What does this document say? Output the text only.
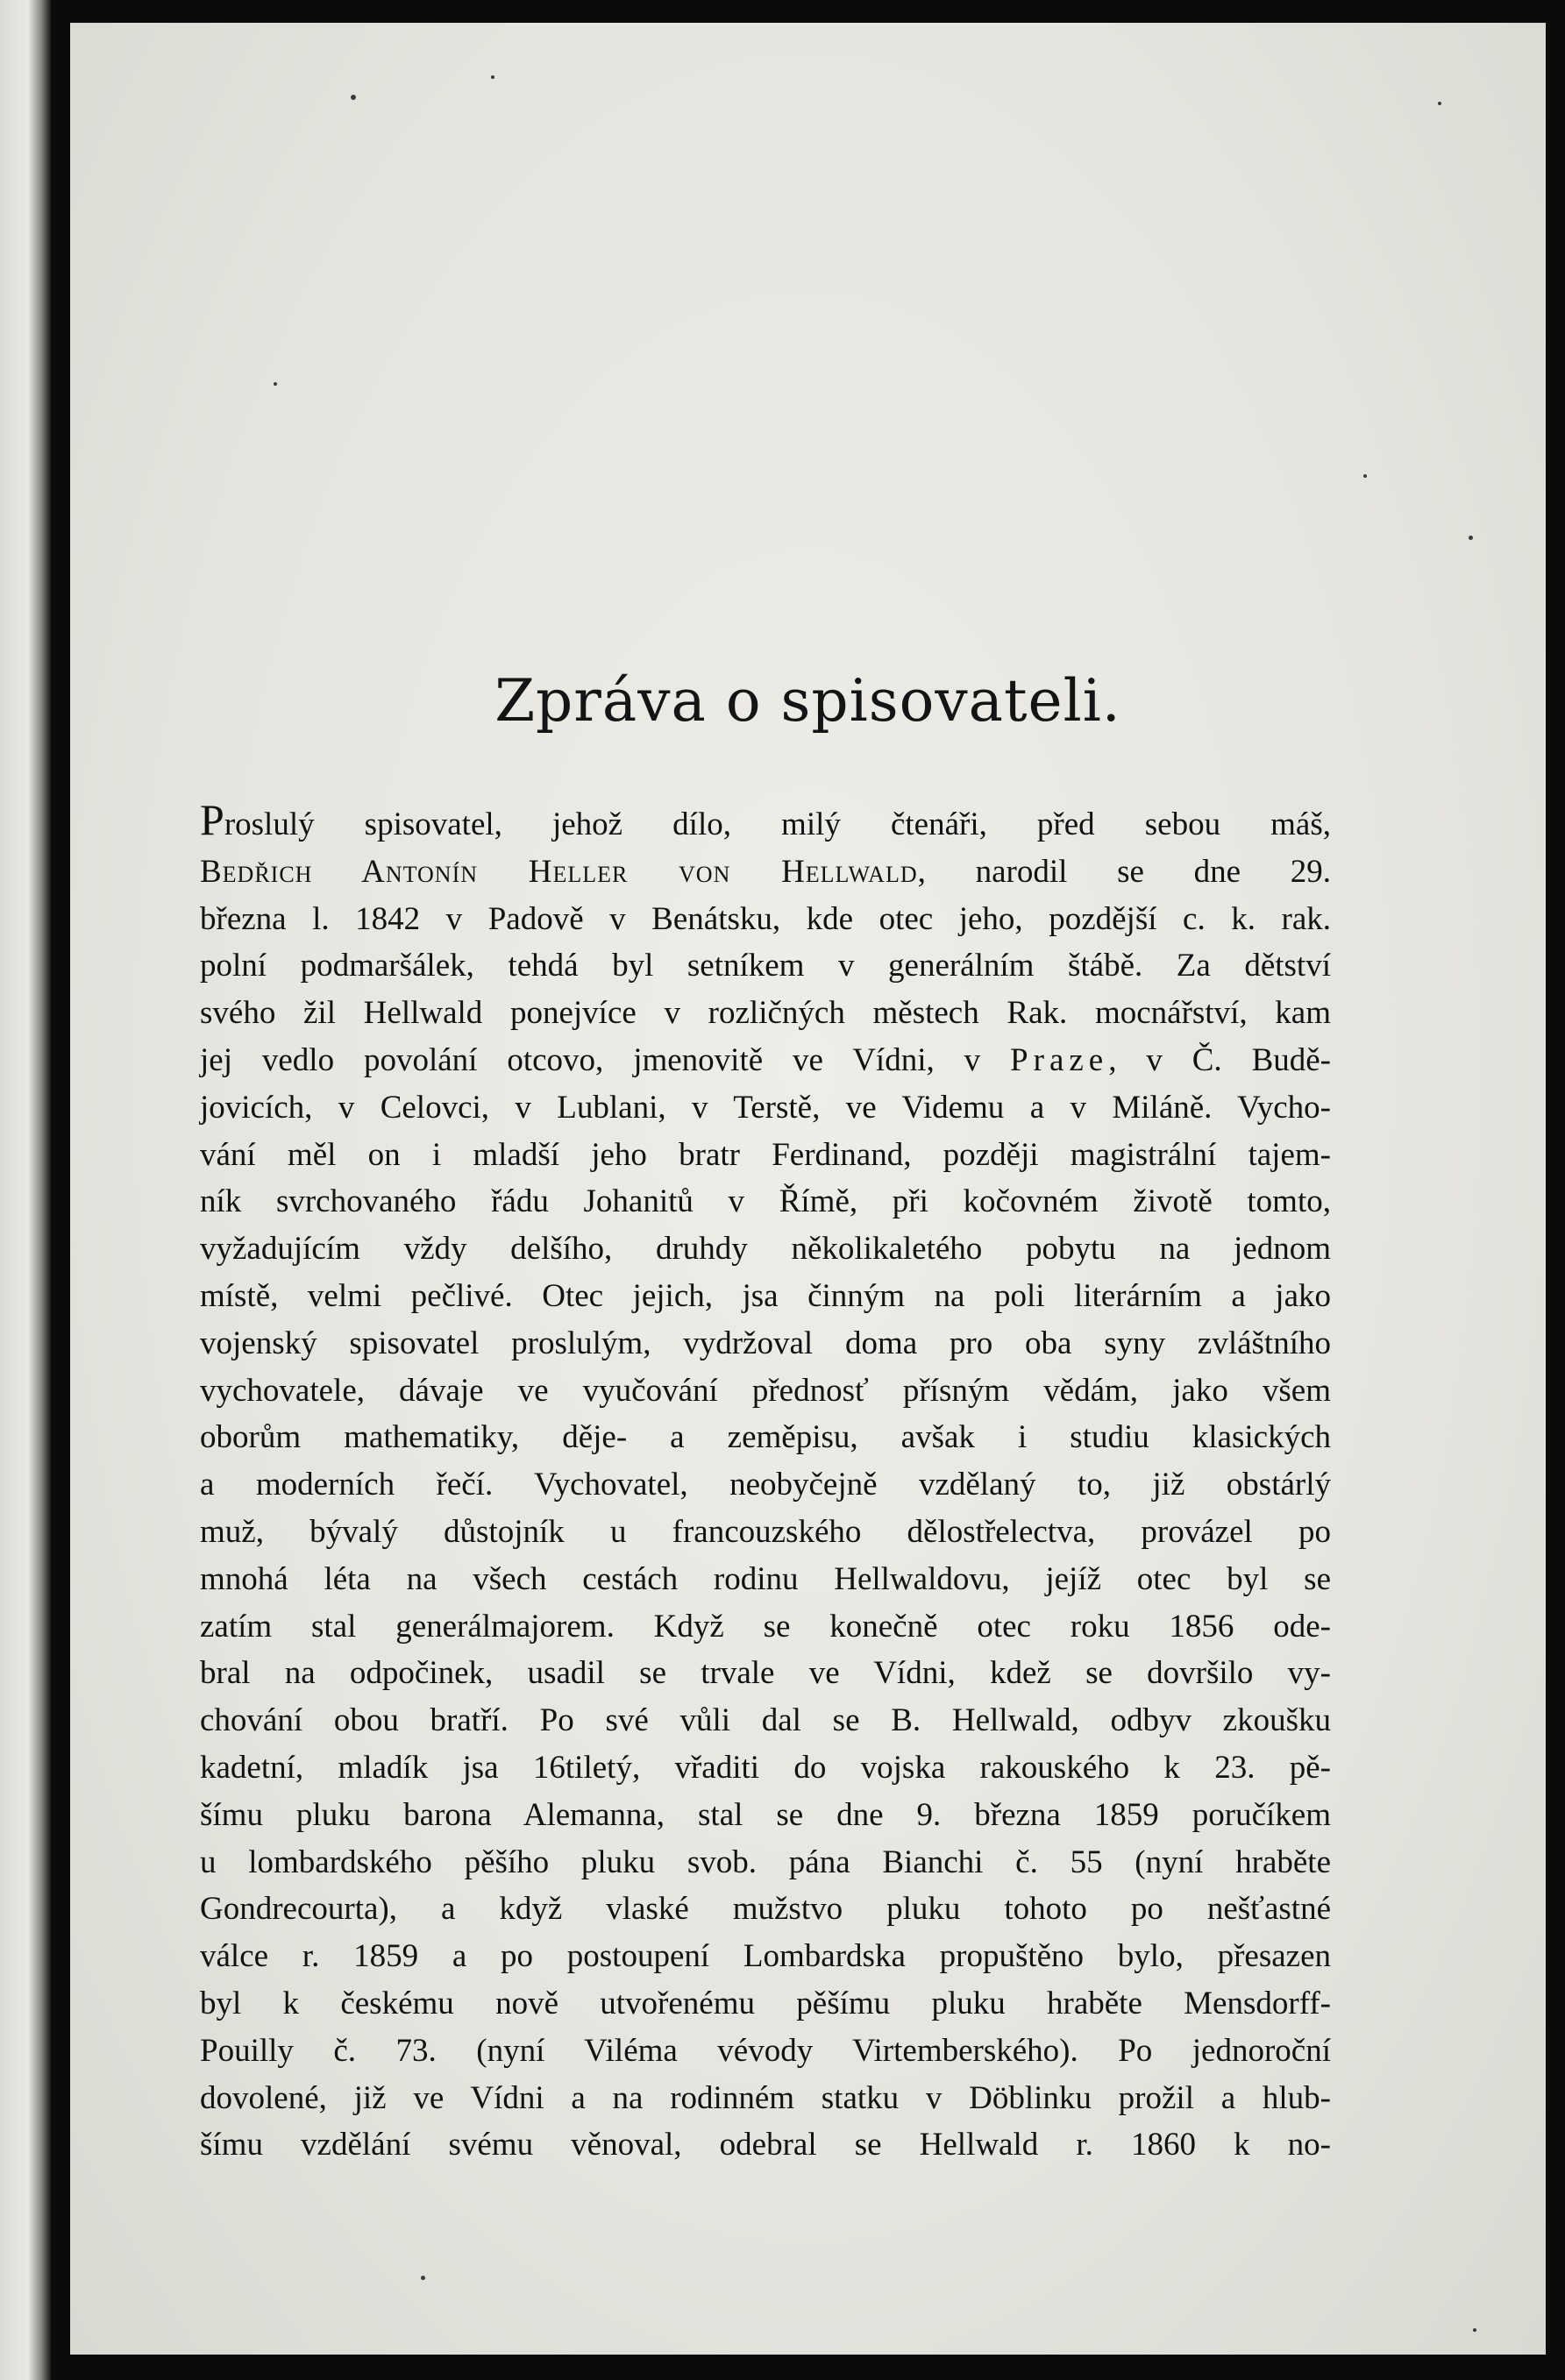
Zpráva o spisovateli.
Proslulý spisovatel, jehož dílo, milý čtenáři, před sebou máš,
Bedřich Antonín Heller von Hellwald, narodil se dne 29.
března l. 1842 v Padově v Benátsku, kde otec jeho, pozdější c. k. rak.
polní podmaršálek, tehdá byl setníkem v generálním štábě. Za dětství
svého žil Hellwald ponejvíce v rozličných městech Rak. mocnářství, kam
jej vedlo povolání otcovo, jmenovitě ve Vídni, v Praze, v Č. Budě-
jovicích, v Celovci, v Lublani, v Terstě, ve Videmu a v Miláně. Vycho-
vání měl on i mladší jeho bratr Ferdinand, později magistrální tajem-
ník svrchovaného řádu Johanitů v Římě, při kočovném životě tomto,
vyžadujícím vždy delšího, druhdy několikaletého pobytu na jednom
místě, velmi pečlivé. Otec jejich, jsa činným na poli literárním a jako
vojenský spisovatel proslulým, vydržoval doma pro oba syny zvláštního
vychovatele, dávaje ve vyučování přednosť přísným vědám, jako všem
oborům mathematiky, děje- a zeměpisu, avšak i studiu klasických
a moderních řečí. Vychovatel, neobyčejně vzdělaný to, již obstárlý
muž, bývalý důstojník u francouzského dělostřelectva, provázel po
mnohá léta na všech cestách rodinu Hellwaldovu, jejíž otec byl se
zatím stal generálmajorem. Když se konečně otec roku 1856 ode-
bral na odpočinek, usadil se trvale ve Vídni, kdež se dovršilo vy-
chování obou bratří. Po své vůli dal se B. Hellwald, odbyv zkoušku
kadetní, mladík jsa 16tiletý, vřaditi do vojska rakouského k 23. pě-
šímu pluku barona Alemanna, stal se dne 9. března 1859 poručíkem
u lombardského pěšího pluku svob. pána Bianchi č. 55 (nyní hraběte
Gondrecourta), a když vlaské mužstvo pluku tohoto po nešťastné
válce r. 1859 a po postoupení Lombardska propuštěno bylo, přesazen
byl k českému nově utvořenému pěšímu pluku hraběte Mensdorff-
Pouilly č. 73. (nyní Viléma vévody Virtemberského). Po jednoroční
dovolené, již ve Vídni a na rodinném statku v Döblinku prožil a hlub-
šímu vzdělání svému věnoval, odebral se Hellwald r. 1860 k no-
